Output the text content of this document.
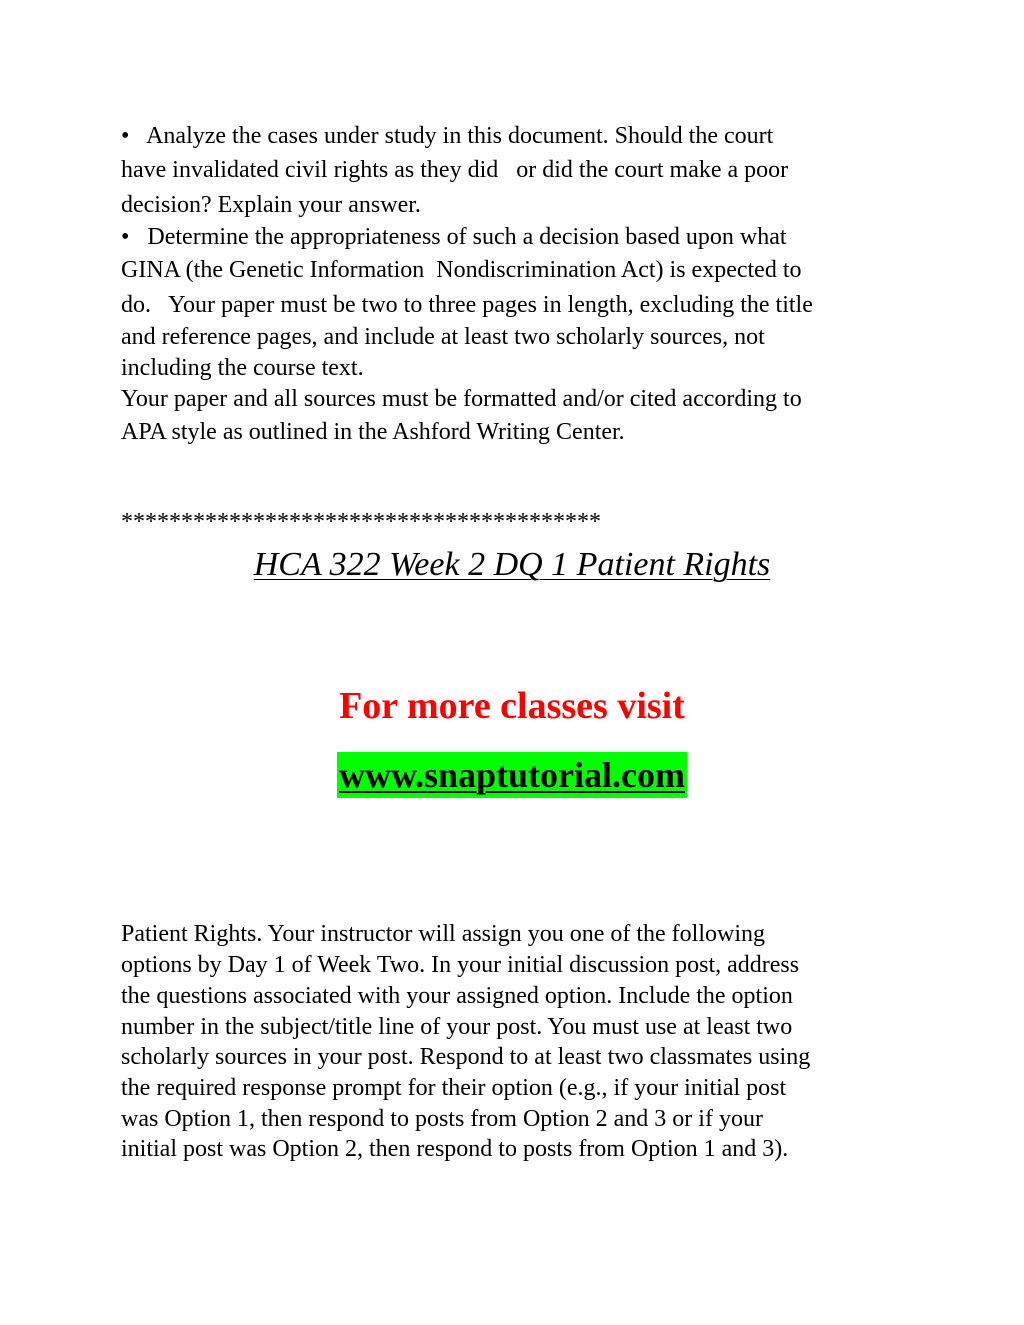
•   Analyze the cases under study in this document. Should the court
have invalidated civil rights as they did   or did the court make a poor
decision? Explain your answer.
•   Determine the appropriateness of such a decision based upon what
GINA (the Genetic Information  Nondiscrimination Act) is expected to
do.   Your paper must be two to three pages in length, excluding the title
and reference pages, and include at least two scholarly sources, not
including the course text.
Your paper and all sources must be formatted and/or cited according to
APA style as outlined in the Ashford Writing Center.
****************************************
HCA 322 Week 2 DQ 1 Patient Rights
For more classes visit
www.snaptutorial.com
Patient Rights. Your instructor will assign you one of the following
options by Day 1 of Week Two. In your initial discussion post, address
the questions associated with your assigned option. Include the option
number in the subject/title line of your post. You must use at least two
scholarly sources in your post. Respond to at least two classmates using
the required response prompt for their option (e.g., if your initial post
was Option 1, then respond to posts from Option 2 and 3 or if your
initial post was Option 2, then respond to posts from Option 1 and 3).
